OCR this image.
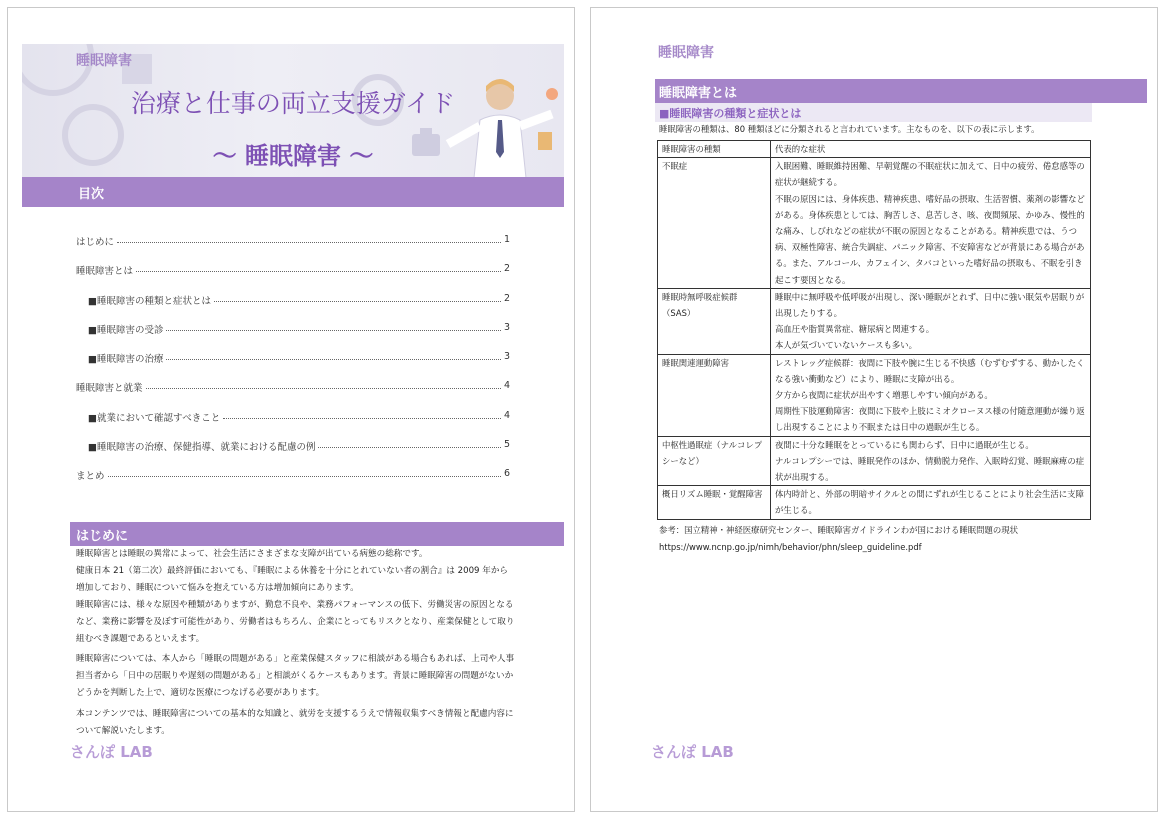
睡眠障害
治療と仕事の両立支援ガイド
～ 睡眠障害 ～
目次
はじめに	1
睡眠障害とは	2
■睡眠障害の種類と症状とは	2
■睡眠障害の受診	3
■睡眠障害の治療	3
睡眠障害と就業	4
■就業において確認すべきこと	4
■睡眠障害の治療、保健指導、就業における配慮の例	5
まとめ	6
はじめに

睡眠障害とは睡眠の異常によって、社会生活にさまざまな支障が出ている病態の総称です。

健康日本 21（第二次）最終評価においても、『睡眠による休養を十分にとれていない者の割合』は 2009 年から増加しており、睡眠について悩みを抱えている方は増加傾向にあります。

睡眠障害には、様々な原因や種類がありますが、勤怠不良や、業務パフォーマンスの低下、労働災害の原因となるなど、業務に影響を及ぼす可能性があり、労働者はもちろん、企業にとってもリスクとなり、産業保健として取り組むべき課題であるといえます。

睡眠障害については、本人から「睡眠の問題がある」と産業保健スタッフに相談がある場合もあれば、上司や人事担当者から「日中の居眠りや遅刻の問題がある」と相談がくるケースもあります。背景に睡眠障害の問題がないかどうかを判断した上で、適切な医療につなげる必要があります。

本コンテンツでは、睡眠障害についての基本的な知識と、就労を支援するうえで情報収集すべき情報と配慮内容について解説いたします。

さんぽ LAB
睡眠障害
睡眠障害とは
■睡眠障害の種類と症状とは
睡眠障害の種類は、80 種類ほどに分類されると言われています。主なものを、以下の表に示します。
睡眠障害の種類	代表的な症状
不眠症	入眠困難、睡眠維持困難、早朝覚醒の不眠症状に加えて、日中の疲労、倦怠感等の症状が継続する。
不眠の原因には、身体疾患、精神疾患、嗜好品の摂取、生活習慣、薬剤の影響などがある。身体疾患としては、胸苦しさ、息苦しさ、咳、夜間頻尿、かゆみ、慢性的な痛み、しびれなどの症状が不眠の原因となることがある。精神疾患では、うつ病、双極性障害、統合失調症、パニック障害、不安障害などが背景にある場合がある。また、アルコール、カフェイン、タバコといった嗜好品の摂取も、不眠を引き起こす要因となる。

睡眠時無呼吸症候群（SAS）	睡眠中に無呼吸や低呼吸が出現し、深い睡眠がとれず、日中に強い眠気や居眠りが出現したりする。
高血圧や脂質異常症、糖尿病と関連する。
本人が気づいていないケースも多い。

睡眠関連運動障害	レストレッグ症候群：夜間に下肢や腕に生じる不快感（むずむずする、動かしたくなる強い衝動など）により、睡眠に支障が出る。
夕方から夜間に症状が出やすく増悪しやすい傾向がある。
周期性下肢運動障害：夜間に下肢や上肢にミオクローヌス様の付随意運動が繰り返し出現することにより不眠または日中の過眠が生じる。

中枢性過眠症（ナルコレプシーなど）	夜間に十分な睡眠をとっているにも関わらず、日中に過眠が生じる。
ナルコレプシーでは、睡眠発作のほか、情動脱力発作、入眠時幻覚、睡眠麻痺の症状が出現する。

概日リズム睡眠・覚醒障害	体内時計と、外部の明暗サイクルとの間にずれが生じることにより社会生活に支障が生じる。
参考：国立精神・神経医療研究センター、睡眠障害ガイドラインわが国における睡眠問題の現状
https://www.ncnp.go.jp/nimh/behavior/phn/sleep_guideline.pdf
さんぽ LAB
